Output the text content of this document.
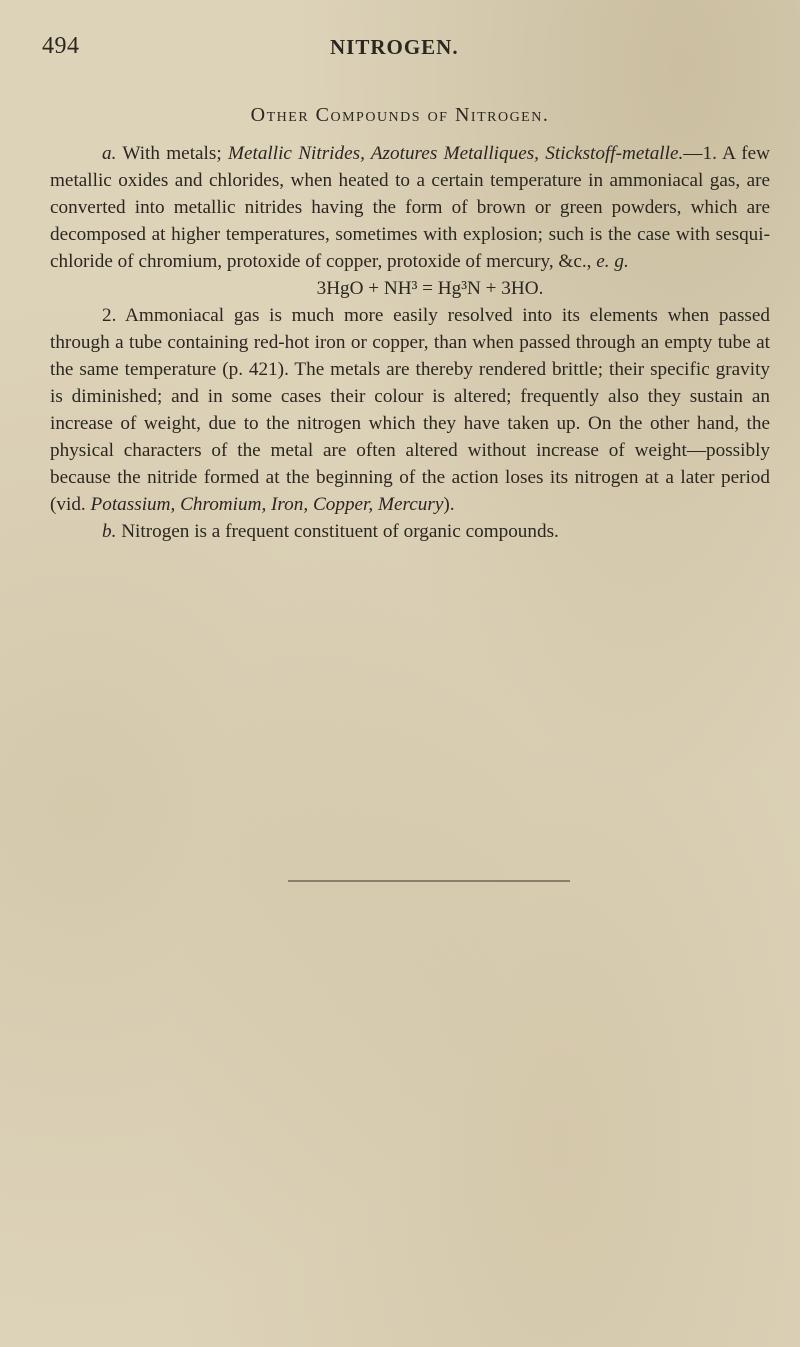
494	NITROGEN.
Other Compounds of Nitrogen.

a. With metals; Metallic Nitrides, Azotures Metalliques, Stickstoff-metalle.—1. A few metallic oxides and chlorides, when heated to a certain temperature in ammoniacal gas, are converted into metallic nitrides having the form of brown or green powders, which are decomposed at higher temperatures, sometimes with explosion; such is the case with sesqui-chloride of chromium, protoxide of copper, protoxide of mercury, &c., e. g.

3HgO + NH³ = Hg³N + 3HO.

2. Ammoniacal gas is much more easily resolved into its elements when passed through a tube containing red-hot iron or copper, than when passed through an empty tube at the same temperature (p. 421). The metals are thereby rendered brittle; their specific gravity is diminished; and in some cases their colour is altered; frequently also they sustain an increase of weight, due to the nitrogen which they have taken up. On the other hand, the physical characters of the metal are often altered without increase of weight—possibly because the nitride formed at the beginning of the action loses its nitrogen at a later period (vid. Potassium, Chromium, Iron, Copper, Mercury).

b. Nitrogen is a frequent constituent of organic compounds.
